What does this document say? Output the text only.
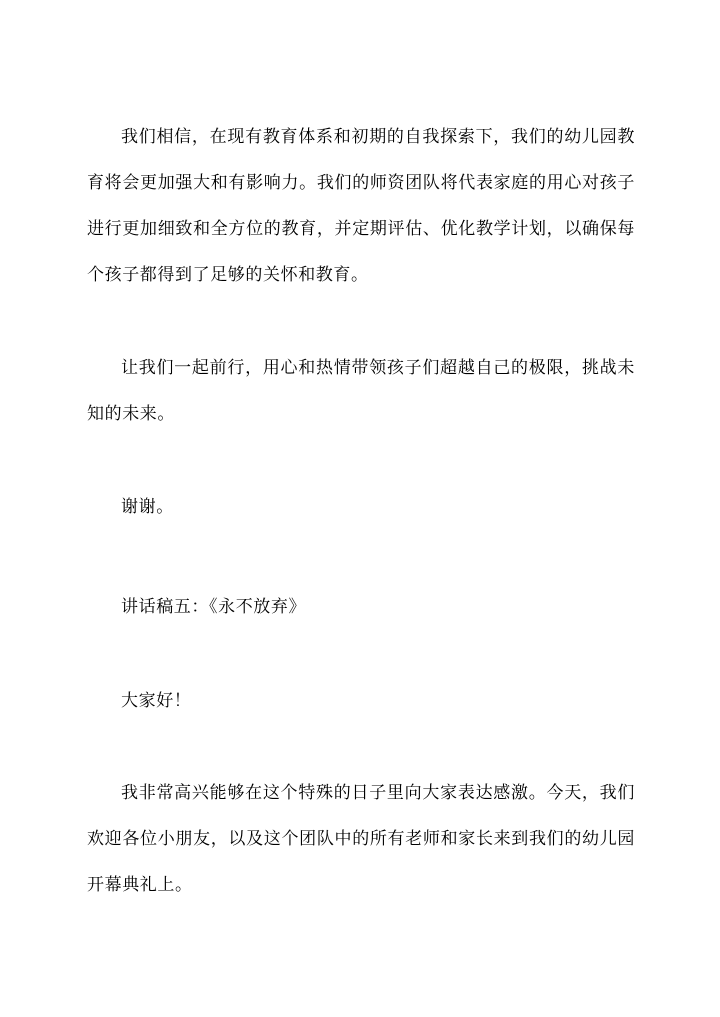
我们相信，在现有教育体系和初期的自我探索下，我们的幼儿园教育将会更加强大和有影响力。我们的师资团队将代表家庭的用心对孩子进行更加细致和全方位的教育，并定期评估、优化教学计划，以确保每个孩子都得到了足够的关怀和教育。

让我们一起前行，用心和热情带领孩子们超越自己的极限，挑战未知的未来。

谢谢。

讲话稿五：《永不放弃》

大家好！

我非常高兴能够在这个特殊的日子里向大家表达感激。今天，我们欢迎各位小朋友，以及这个团队中的所有老师和家长来到我们的幼儿园开幕典礼上。
